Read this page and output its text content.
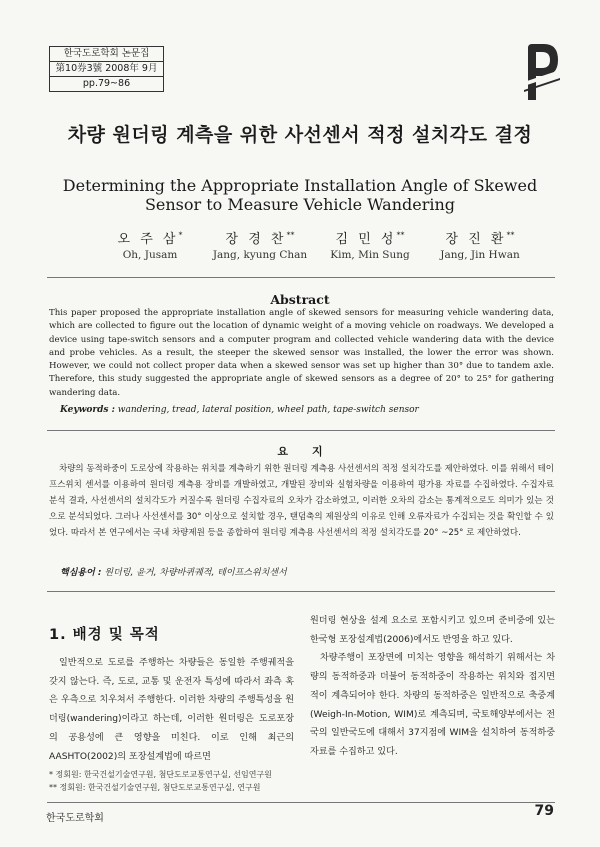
한국도로학회 논문집
第10券3號 2008年 9月
pp.79~86
차량 원더링 계측을 위한 사선센서 적정 설치각도 결정
Determining the Appropriate Installation Angle of Skewed Sensor to Measure Vehicle Wandering
오 주 삼*
Oh, Jusam
장 경 찬**
Jang, kyung Chan
김 민 성**
Kim, Min Sung
장 진 환**
Jang, Jin Hwan
Abstract
This paper proposed the appropriate installation angle of skewed sensors for measuring vehicle wandering data, which are collected to figure out the location of dynamic weight of a moving vehicle on roadways. We developed a device using tape-switch sensors and a computer program and collected vehicle wandering data with the device and probe vehicles. As a result, the steeper the skewed sensor was installed, the lower the error was shown. However, we could not collect proper data when a skewed sensor was set up higher than 30° due to tandem axle. Therefore, this study suggested the appropriate angle of skewed sensors as a degree of 20° to 25° for gathering wandering data.
Keywords : wandering, tread, lateral position, wheel path, tape-switch sensor
요지

차량의 동적하중이 도로상에 작용하는 위치를 계측하기 위한 원더링 계측용 사선센서의 적정 설치각도를 제안하였다. 이를 위해서 테이프스위치 센서를 이용하여 원더링 계측용 장비를 개발하였고, 개발된 장비와 실험차량을 이용하여 평가용 자료를 수집하였다. 수집자료 분석 결과, 사선센서의 설치각도가 커질수록 원더링 수집자료의 오차가 감소하였고, 이러한 오차의 감소는 통계적으로도 의미가 있는 것으로 분석되었다. 그러나 사선센서를 30° 이상으로 설치할 경우, 탠덤축의 제원상의 이유로 인해 오류자료가 수집되는 것을 확인할 수 있었다. 따라서 본 연구에서는 국내 차량제원 등을 종합하여 원더링 계측용 사선센서의 적정 설치각도를 20° ~25° 로 제안하였다.

핵심용어 : 원더링, 윤거, 차량바퀴궤적, 테이프스위치센서
1. 배경 및 목적

일반적으로 도로를 주행하는 차량들은 동일한 주행궤적을 갖지 않는다. 즉, 도로, 교통 및 운전자 특성에 따라서 좌측 혹은 우측으로 치우쳐서 주행한다. 이러한 차량의 주행특성을 원더링(wandering)이라고 하는데, 이러한 원더링은 도로포장의 공용성에 큰 영향을 미친다. 이로 인해 최근의 AASHTO(2002)의 포장설계법에 따르면

원더링 현상을 설계 요소로 포함시키고 있으며 준비중에 있는 한국형 포장설계법(2006)에서도 반영을 하고 있다.

차량주행이 포장면에 미치는 영향을 해석하기 위해서는 차량의 동적하중과 더불어 동적하중이 작용하는 위치와 접지면적이 계측되어야 한다. 차량의 동적하중은 일반적으로 축중계(Weigh-In-Motion, WIM)로 계측되며, 국토해양부에서는 전국의 일반국도에 대해서 37지점에 WIM을 설치하여 동적하중 자료를 수집하고 있다.

* 정회원: 한국건설기술연구원, 첨단도로교통연구실, 선임연구원
** 정회원: 한국건설기술연구원, 첨단도로교통연구실, 연구원
한국도로학회	79
